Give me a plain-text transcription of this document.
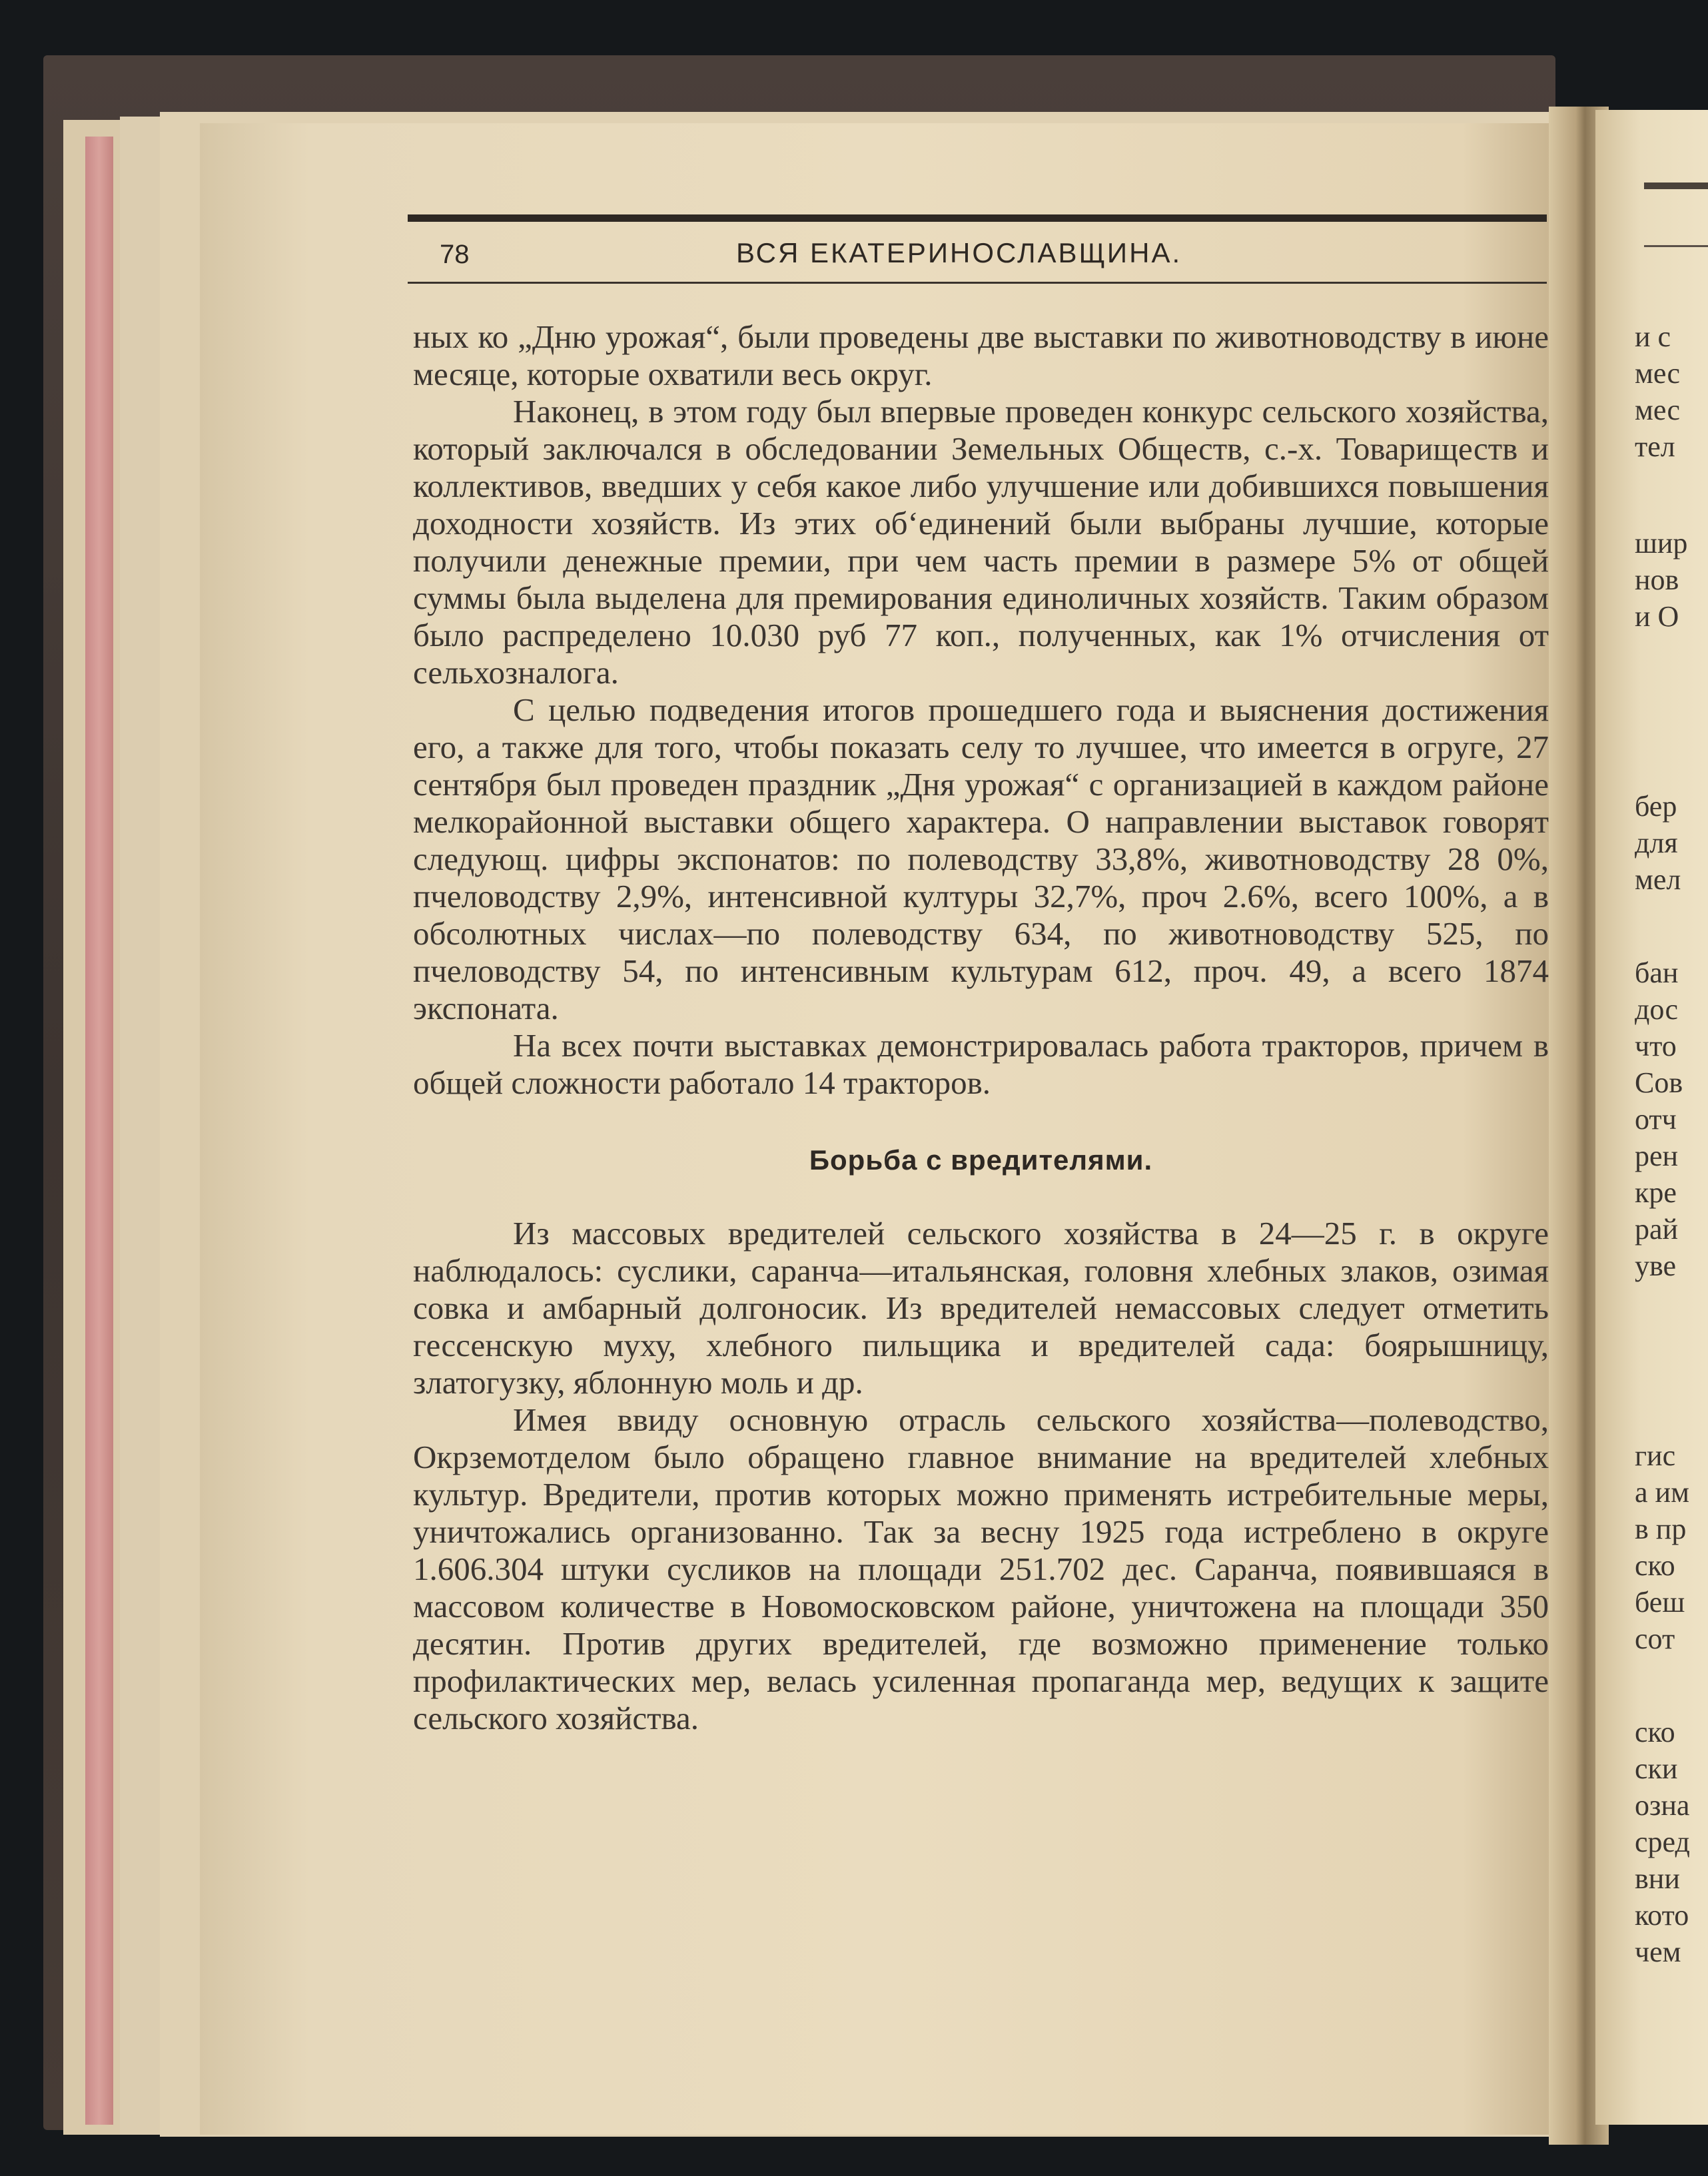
78	ВСЯ ЕКАТЕРИНОСЛАВЩИНА.

ных ко „Дню урожая“, были проведены две выставки по животноводству в июне месяце, которые охватили весь округ.

Наконец, в этом году был впервые проведен конкурс сельского хозяйства, который заключался в обследовании Земельных Обществ, с.-х. Товариществ и коллективов, введших у себя какое либо улучшение или добившихся повышения доходности хозяйств. Из этих об‘единений были выбраны лучшие, которые получили денежные премии, при чем часть премии в размере 5% от общей суммы была выделена для премирования единоличных хозяйств. Таким образом было распределено 10.030 руб 77 коп., полученных, как 1% отчисления от сельхозналога.

С целью подведения итогов прошедшего года и выяснения достижения его, а также для того, чтобы показать селу то лучшее, что имеется в огруге, 27 сентября был проведен праздник „Дня урожая“ с организацией в каждом районе мелкорайонной выставки общего характера. О направлении выставок говорят следующ. цифры экспонатов: по полеводству 33,8%, животноводству 28 0%, пчеловодству 2,9%, интенсивной културы 32,7%, проч 2.6%, всего 100%, а в обсолютных числах—по полеводству 634, по животноводству 525, по пчеловодству 54, по интенсивным культурам 612, проч. 49, а всего 1874 экспоната.

На всех почти выставках демонстрировалась работа тракторов, причем в общей сложности работало 14 тракторов.

Борьба с вредителями.

Из массовых вредителей сельского хозяйства в 24—25 г. в округе наблюдалось: суслики, саранча—итальянская, головня хлебных злаков, озимая совка и амбарный долгоносик. Из вредителей немассовых следует отметить гессенскую муху, хлебного пильщика и вредителей сада: боярышницу, златогузку, яблонную моль и др.

Имея ввиду основную отрасль сельского хозяйства—полеводство, Окрземотделом было обращено главное внимание на вредителей хлебных культур. Вредители, против которых можно применять истребительные меры, уничтожались организованно. Так за весну 1925 года истреблено в округе 1.606.304 штуки сусликов на площади 251.702 дес. Саранча, появившаяся в массовом количестве в Новомосковском районе, уничтожена на площади 350 десятин. Против других вредителей, где возможно применение только профилактических мер, велась усиленная пропаганда мер, ведущих к защите сельского хозяйства.

и с
мес
мес
тел
шир
нов
и О
бер
для
мел
бан
дос
что
Сов
отч
рен
кре
рай
уве
гис
а им
в пр
ско
беш
сот
ско
ски
озна
сред
вни
кото
чем
